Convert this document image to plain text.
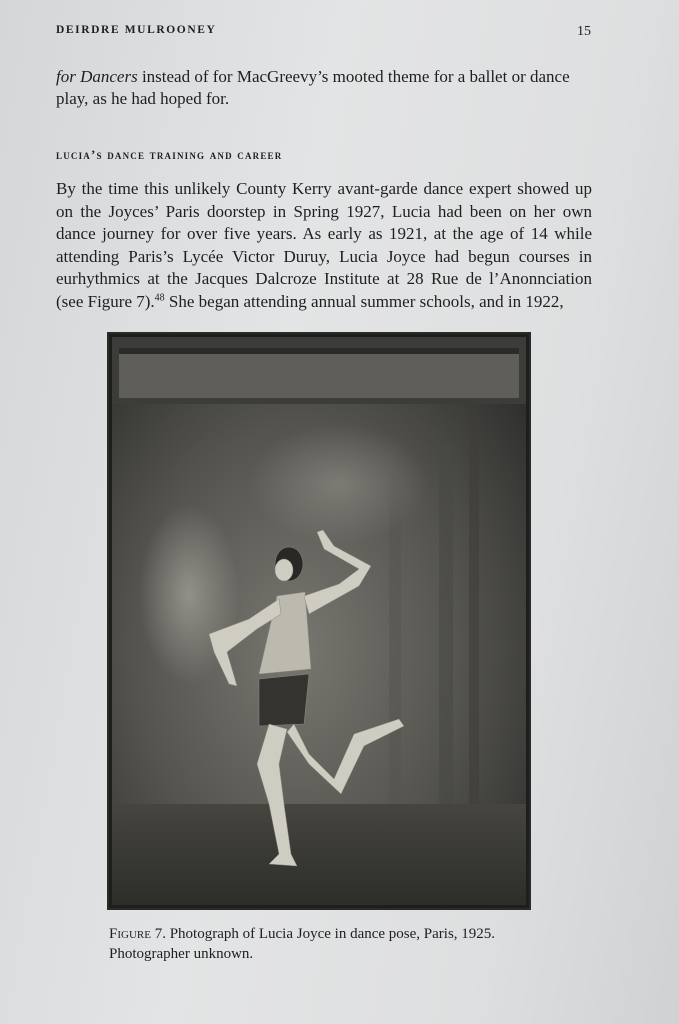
DEIRDRE MULROONEY	15

for Dancers instead of for MacGreevy’s mooted theme for a ballet or dance play, as he had hoped for.

lucia’s dance training and career

By the time this unlikely County Kerry avant-garde dance expert showed up on the Joyces’ Paris doorstep in Spring 1927, Lucia had been on her own dance journey for over five years. As early as 1921, at the age of 14 while attending Paris’s Lycée Victor Duruy, Lucia Joyce had begun courses in eurhythmics at the Jacques Dalcroze Institute at 28 Rue de l’Anonnciation (see Figure 7).$^{48}$ She began attending annual summer schools, and in 1922,

Figure 7. Photograph of Lucia Joyce in dance pose, Paris, 1925. Photographer unknown.
